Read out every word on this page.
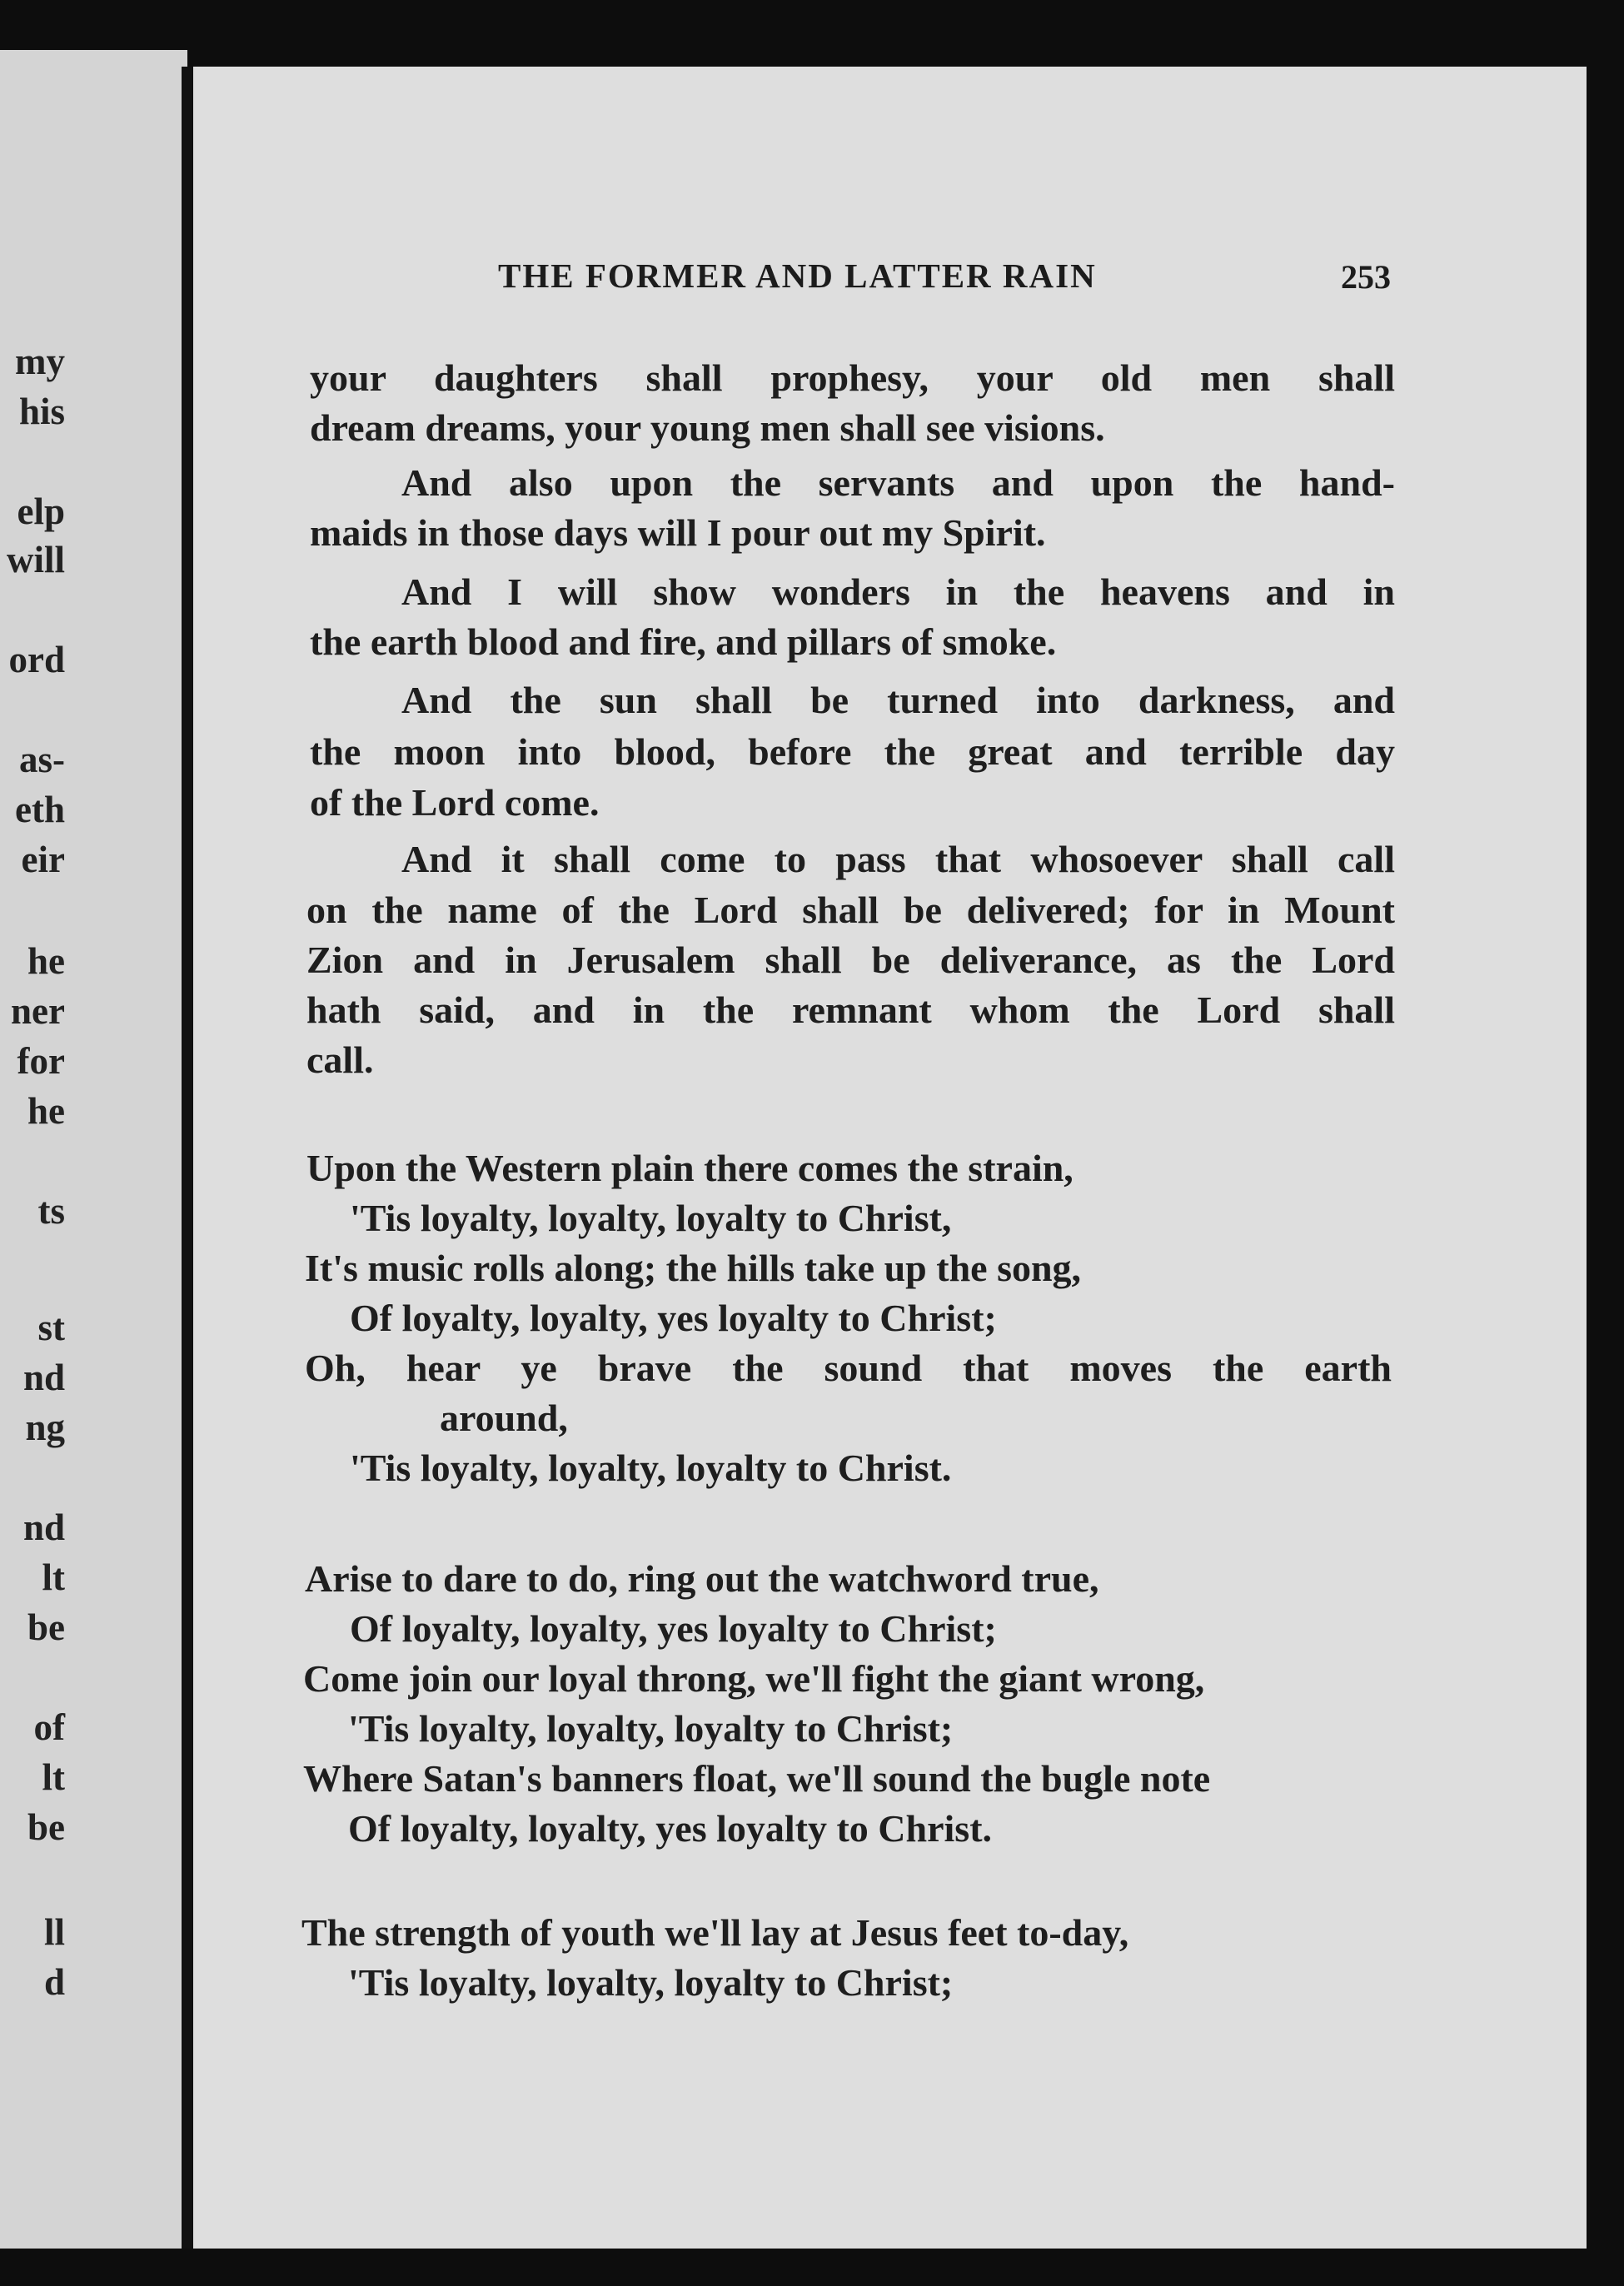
my
his
elp
will
ord
as-
eth
eir
he
ner
for
he
ts
st
nd
ng
nd
lt
be
of
lt
be
ll
d
THE FORMER AND LATTER RAIN	253
your daughters shall prophesy, your old men shall
dream dreams, your young men shall see visions.
And also upon the servants and upon the hand-
maids in those days will I pour out my Spirit.
And I will show wonders in the heavens and in
the earth blood and fire, and pillars of smoke.
And the sun shall be turned into darkness, and
the moon into blood, before the great and terrible day
of the Lord come.
And it shall come to pass that whosoever shall call
on the name of the Lord shall be delivered; for in Mount
Zion and in Jerusalem shall be deliverance, as the Lord
hath said, and in the remnant whom the Lord shall
call.
Upon the Western plain there comes the strain,
'Tis loyalty, loyalty, loyalty to Christ,
It's music rolls along; the hills take up the song,
Of loyalty, loyalty, yes loyalty to Christ;
Oh, hear ye brave the sound that moves the earth
around,
'Tis loyalty, loyalty, loyalty to Christ.
Arise to dare to do, ring out the watchword true,
Of loyalty, loyalty, yes loyalty to Christ;
Come join our loyal throng, we'll fight the giant wrong,
'Tis loyalty, loyalty, loyalty to Christ;
Where Satan's banners float, we'll sound the bugle note
Of loyalty, loyalty, yes loyalty to Christ.
The strength of youth we'll lay at Jesus feet to-day,
'Tis loyalty, loyalty, loyalty to Christ;
